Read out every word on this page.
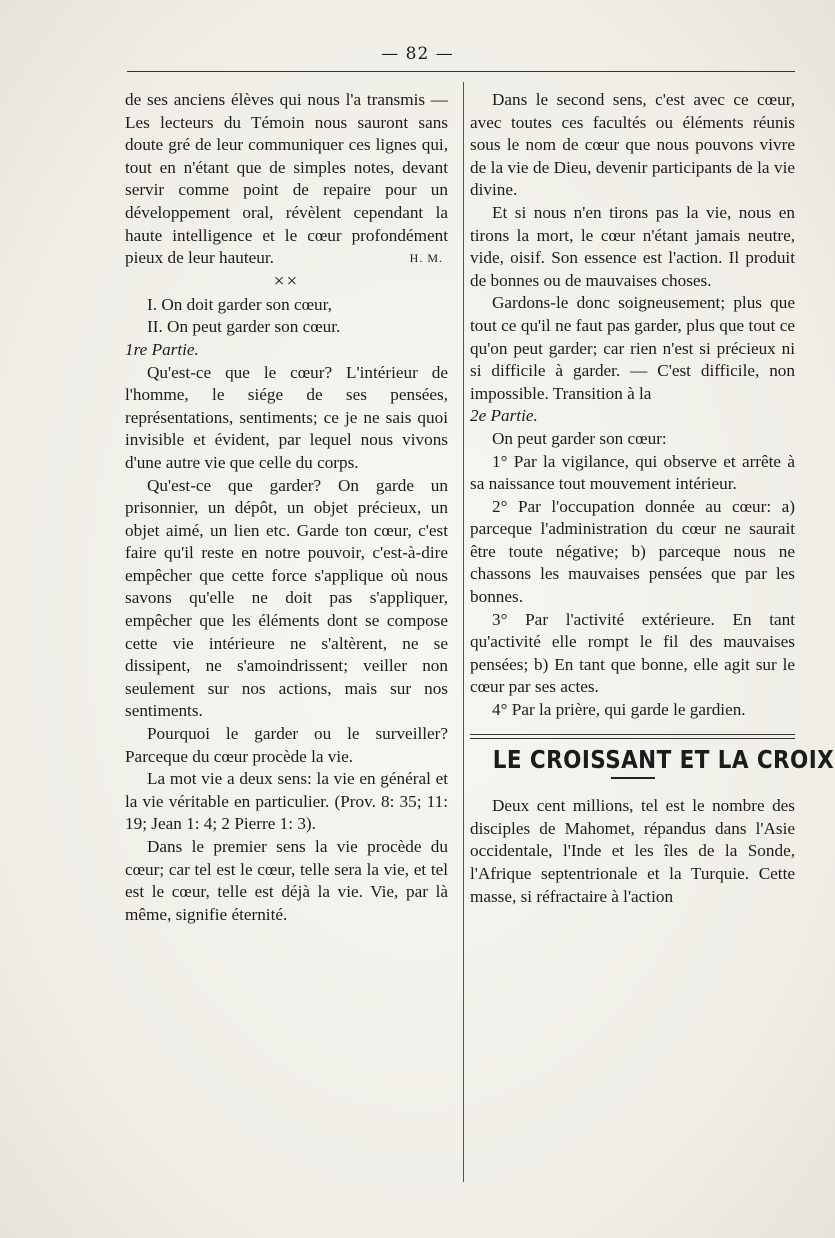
— 82 —

de ses anciens élèves qui nous l'a transmis — Les lecteurs du Témoin nous sauront sans doute gré de leur communiquer ces lignes qui, tout en n'étant que de simples notes, devant servir comme point de repaire pour un développement oral, révèlent cependant la haute intelligence et le cœur profondément pieux de leur hauteur.	H. M.

××

I. On doit garder son cœur,

II. On peut garder son cœur.

1re Partie.

Qu'est-ce que le cœur? L'intérieur de l'homme, le siége de ses pensées, représentations, sentiments; ce je ne sais quoi invisible et évident, par lequel nous vivons d'une autre vie que celle du corps.

Qu'est-ce que garder? On garde un prisonnier, un dépôt, un objet précieux, un objet aimé, un lien etc. Garde ton cœur, c'est faire qu'il reste en notre pouvoir, c'est-à-dire empêcher que cette force s'applique où nous savons qu'elle ne doit pas s'appliquer, empêcher que les éléments dont se compose cette vie intérieure ne s'altèrent, ne se dissipent, ne s'amoindrissent; veiller non seulement sur nos actions, mais sur nos sentiments.

Pourquoi le garder ou le surveiller? Parceque du cœur procède la vie.

La mot vie a deux sens: la vie en général et la vie véritable en particulier. (Prov. 8: 35; 11: 19; Jean 1: 4; 2 Pierre 1: 3).

Dans le premier sens la vie procède du cœur; car tel est le cœur, telle sera la vie, et tel est le cœur, telle est déjà la vie. Vie, par là même, signifie éternité.

Dans le second sens, c'est avec ce cœur, avec toutes ces facultés ou éléments réunis sous le nom de cœur que nous pouvons vivre de la vie de Dieu, devenir participants de la vie divine.

Et si nous n'en tirons pas la vie, nous en tirons la mort, le cœur n'étant jamais neutre, vide, oisif. Son essence est l'action. Il produit de bonnes ou de mauvaises choses.

Gardons-le donc soigneusement; plus que tout ce qu'il ne faut pas garder, plus que tout ce qu'on peut garder; car rien n'est si précieux ni si difficile à garder. — C'est difficile, non impossible. Transition à la

2e Partie.

On peut garder son cœur:

1° Par la vigilance, qui observe et arrête à sa naissance tout mouvement intérieur.

2° Par l'occupation donnée au cœur: a) parceque l'administration du cœur ne saurait être toute négative; b) parceque nous ne chassons les mauvaises pensées que par les bonnes.

3° Par l'activité extérieure. En tant qu'activité elle rompt le fil des mauvaises pensées; b) En tant que bonne, elle agit sur le cœur par ses actes.

4° Par la prière, qui garde le gardien.

LE CROISSANT ET LA CROIX

Deux cent millions, tel est le nombre des disciples de Mahomet, répandus dans l'Asie occidentale, l'Inde et les îles de la Sonde, l'Afrique septentrionale et la Turquie. Cette masse, si réfractaire à l'action
